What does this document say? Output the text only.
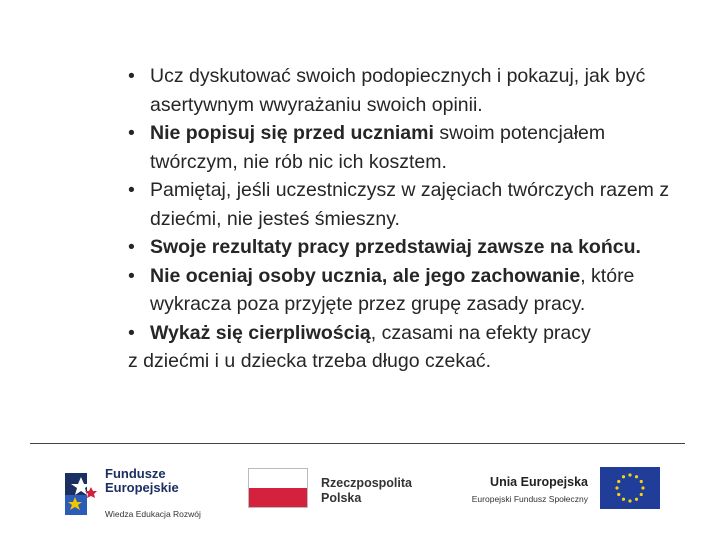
• Ucz dyskutować swoich podopiecznych i pokazuj, jak być asertywnym wwyrażaniu swoich opinii.
• Nie popisuj się przed uczniami swoim potencjałem twórczym, nie rób nic ich kosztem.
• Pamiętaj, jeśli uczestniczysz w zajęciach twórczych razem z dziećmi, nie jesteś śmieszny.
• Swoje rezultaty pracy przedstawiaj zawsze na końcu.
• Nie oceniaj osoby ucznia, ale jego zachowanie, które wykracza poza przyjęte przez grupę zasady pracy.
• Wykaż się cierpliwością, czasami na efekty pracy
z dziećmi i u dziecka trzeba długo czekać.
Fundusze
Europejskie
Wiedza Edukacja Rozwój
Rzeczpospolita
Polska
Unia Europejska
Europejski Fundusz Społeczny
